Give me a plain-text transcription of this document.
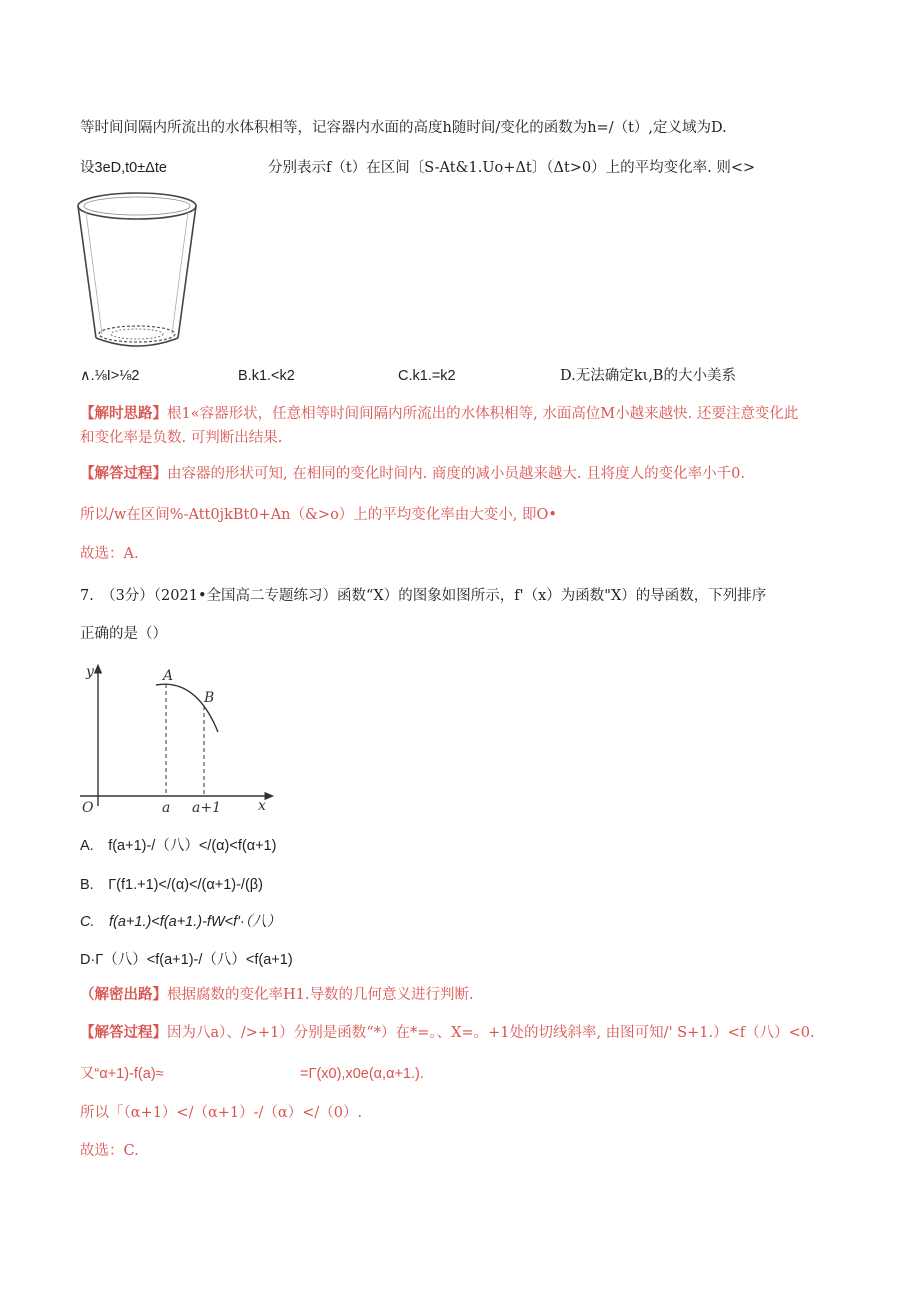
等时间间隔内所流出的水体积相等，记容器内水面的高度h随时间/变化的函数为h=/（t）,定义域为D.
设3eD,t0±Δte	分别表示f（t）在区间〔S-At&1.Uo+Δt〕（Δt>0）上的平均变化率. 则<>
∧.⅛I>⅛2	B.k1.<k2	C.k1.=k2	D.无法确定kι,B的大小美系
【解时思路】根1«容器形状，任意相等时间间隔内所流出的水体积相等, 水面高位M小越来越快. 还要注意变化此
和变化率是负数. 可判断出结果.
【解答过程】由容器的形状可知, 在相同的变化时间内. 商度的减小员越来越大. 且将度人的变化率小千0.
所以/w在区间%-Att0jkBt0+An（&>o）上的平均变化率由大变小, 即O•
故选：A.
7.　（3分）（2021•全国高二专题练习）函数“X）的图象如图所示，f'（x）为函数"X）的导函数，下列排序
正确的是（）
y
x
O
A
B
a a+1
A.　f(a+1)-/（八）</(α)<f(α+1)
B.　Γ(f1.+1)</(α)</(α+1)-/(β)
C.　f(a+1.)<f(a+1.)-fW<f'·（八）
D·Γ（八）<f(a+1)-/（八）<f(a+1)
（解密出路】根据腐数的变化率H1.导数的几何意义进行判断.
【解答过程】因为八a）、/>+1）分别是函数“*）在*=。、X=。+1处的切线斜率, 由图可知/' S+1.）<f（八）<0.
又“α+1)-f(a)≈	=Γ(x0),x0e(α,α+1.).
所以「（α+1）</（α+1）-/（α）</（0）.
故选：C.
